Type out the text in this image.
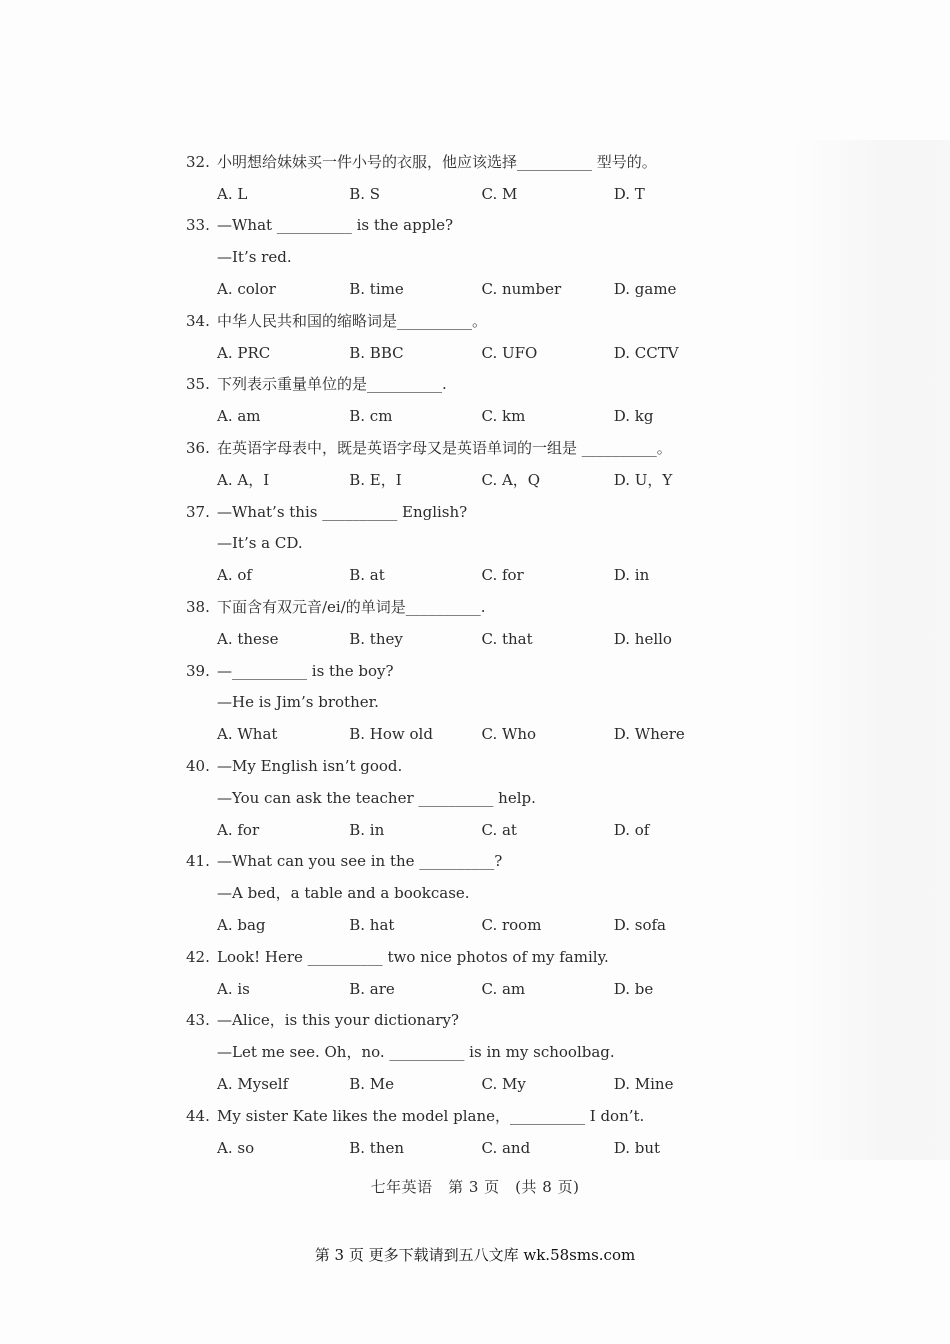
32. 小明想给妹妹买一件小号的衣服，他应该选择__________ 型号的。
A. L	B. S	C. M	D. T
33. —What __________ is the apple?
—It’s red.
A. color	B. time	C. number	D. game
34. 中华人民共和国的缩略词是__________。
A. PRC	B. BBC	C. UFO	D. CCTV
35. 下列表示重量单位的是__________.
A. am	B. cm	C. km	D. kg
36. 在英语字母表中，既是英语字母又是英语单词的一组是 __________。
A. A，I	B. E，I	C. A，Q	D. U，Y
37. —What’s this __________ English?
—It’s a CD.
A. of	B. at	C. for	D. in
38. 下面含有双元音/ei/的单词是__________.
A. these	B. they	C. that	D. hello
39. —__________ is the boy?
—He is Jim’s brother.
A. What	B. How old	C. Who	D. Where
40. —My English isn’t good.
—You can ask the teacher __________ help.
A. for	B. in	C. at	D. of
41. —What can you see in the __________?
—A bed，a table and a bookcase.
A. bag	B. hat	C. room	D. sofa
42. Look! Here __________ two nice photos of my family.
A. is	B. are	C. am	D. be
43. —Alice，is this your dictionary?
—Let me see. Oh，no. __________ is in my schoolbag.
A. Myself	B. Me	C. My	D. Mine
44. My sister Kate likes the model plane，__________ I don’t.
A. so	B. then	C. and	D. but
七年英语　第 3 页　(共 8 页)
第 3 页 更多下载请到五八文库 wk.58sms.com
